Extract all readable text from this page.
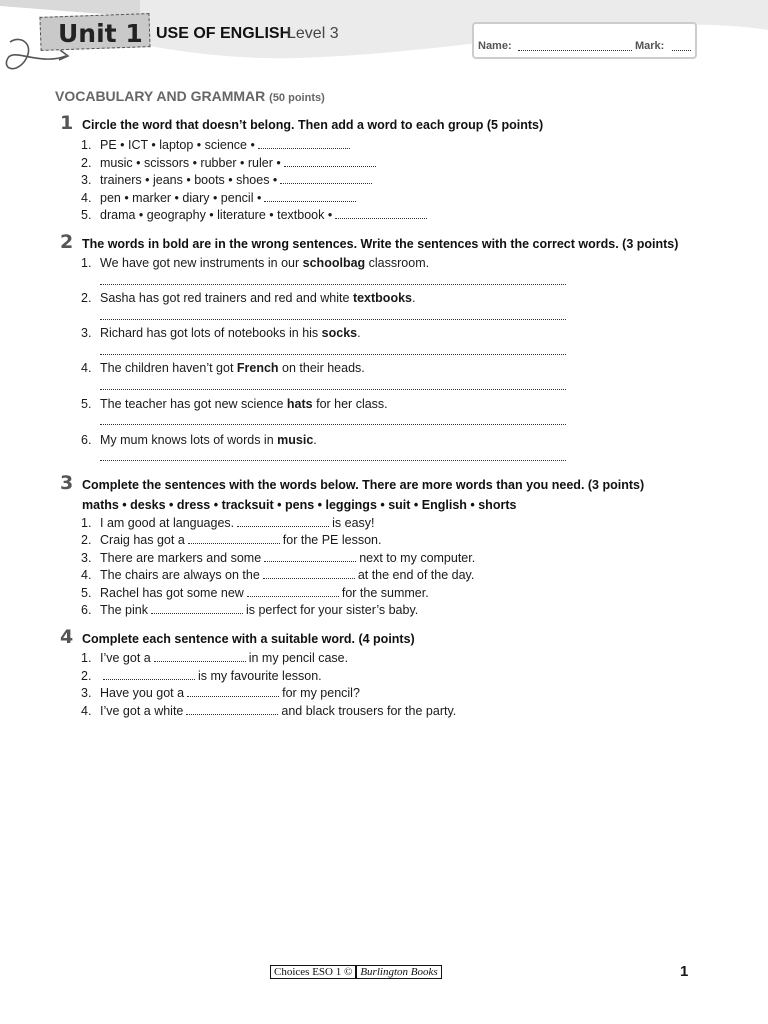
Unit 1 USE OF ENGLISH
Level 3
Name:	Mark:
VOCABULARY AND GRAMMAR (50 points)
1 Circle the word that doesn’t belong. Then add a word to each group (5 points)
1. PE • ICT • laptop • science •
2. music • scissors • rubber • ruler •
3. trainers • jeans • boots • shoes •
4. pen • marker • diary • pencil •
5. drama • geography • literature • textbook •
2 The words in bold are in the wrong sentences. Write the sentences with the correct words. (3 points)
1. We have got new instruments in our schoolbag classroom.
2. Sasha has got red trainers and red and white textbooks.
3. Richard has got lots of notebooks in his socks.
4. The children haven’t got French on their heads.
5. The teacher has got new science hats for her class.
6. My mum knows lots of words in music.
3 Complete the sentences with the words below. There are more words than you need. (3 points)
maths • desks • dress • tracksuit • pens • leggings • suit • English • shorts
1. I am good at languages.	is easy!
2. Craig has got a	for the PE lesson.
3. There are markers and some	next to my computer.
4. The chairs are always on the	at the end of the day.
5. Rachel has got some new	for the summer.
6. The pink	is perfect for your sister’s baby.
4 Complete each sentence with a suitable word. (4 points)
1. I’ve got a	in my pencil case.
2.	is my favourite lesson.
3. Have you got a	for my pencil?
4. I’ve got a white	and black trousers for the party.
Choices ESO 1 © Burlington Books	1
